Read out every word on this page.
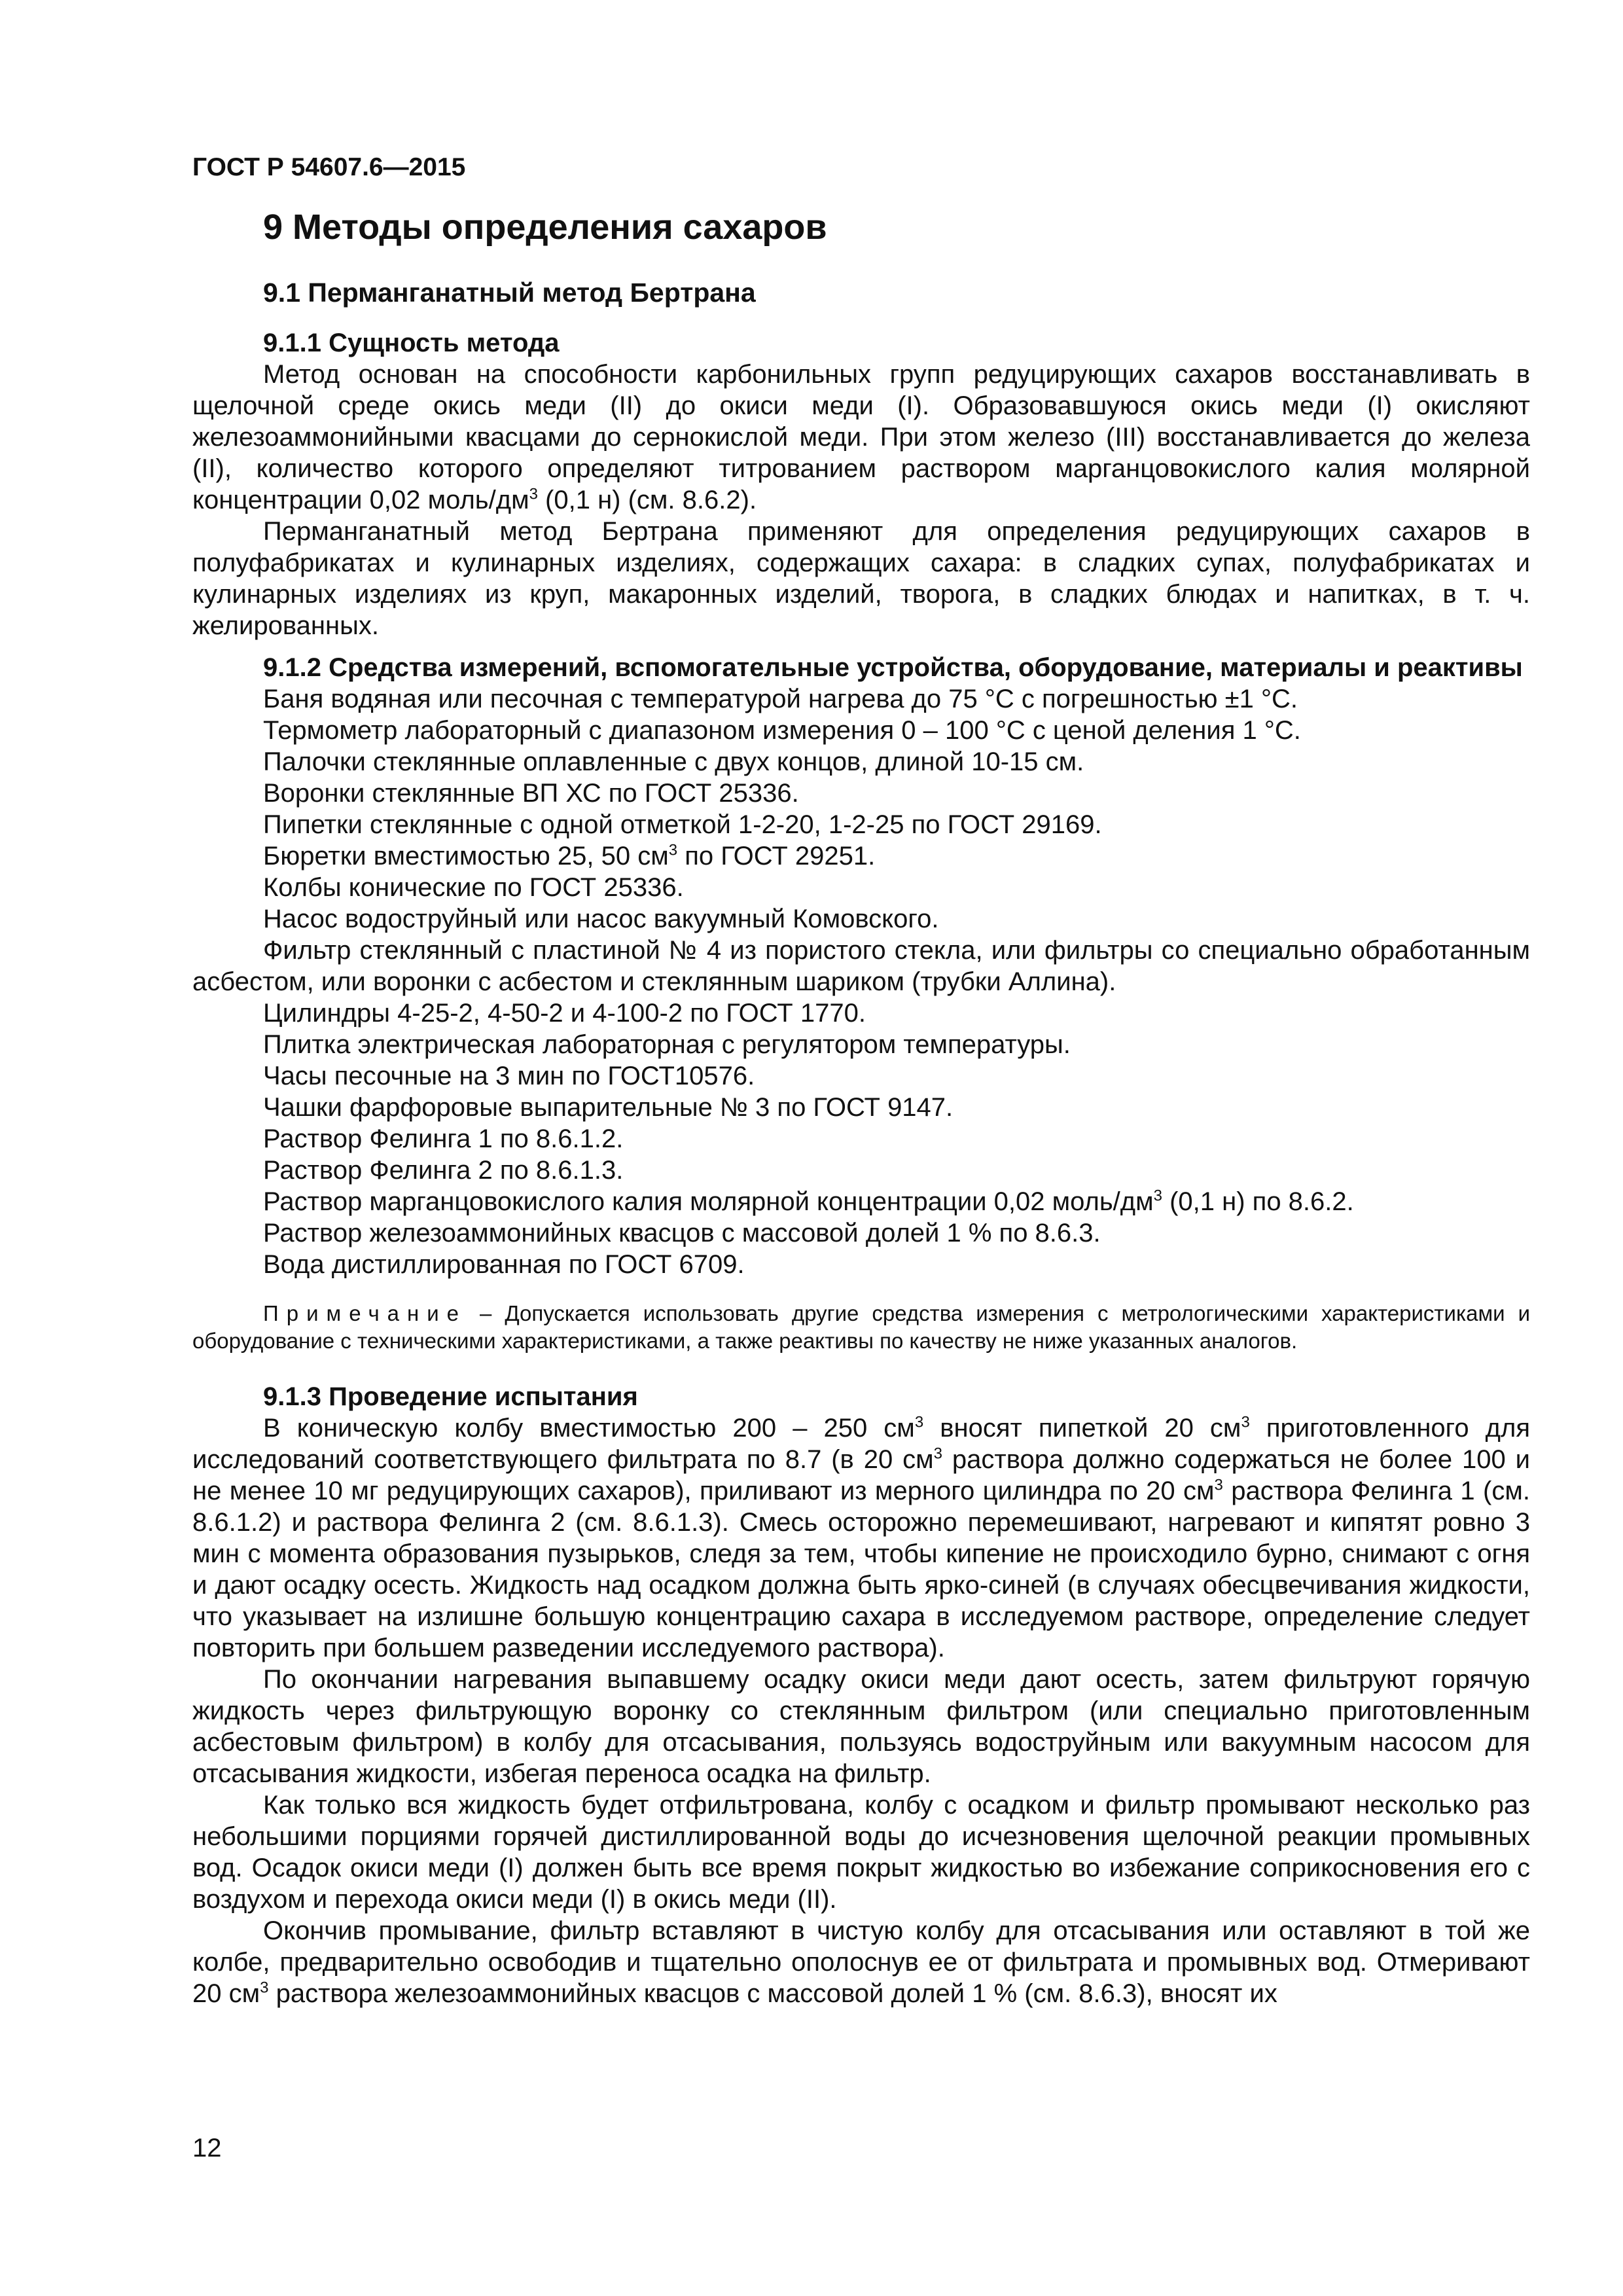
ГОСТ Р 54607.6—2015
9 Методы определения сахаров
9.1 Перманганатный метод Бертрана
9.1.1 Сущность метода

Метод основан на способности карбонильных групп редуцирующих сахаров восстанавливать в щелочной среде окись меди (II) до окиси меди (I). Образовавшуюся окись меди (I) окисляют железоаммонийными квасцами до сернокислой меди. При этом железо (III) восстанавливается до железа (II), количество которого определяют титрованием раствором марганцовокислого калия молярной концентрации 0,02 моль/$дм^3$ (0,1 н) (см. 8.6.2).

Перманганатный метод Бертрана применяют для определения редуцирующих сахаров в полуфабрикатах и кулинарных изделиях, содержащих сахара: в сладких супах, полуфабрикатах и кулинарных изделиях из круп, макаронных изделий, творога, в сладких блюдах и напитках, в т. ч. желированных.

9.1.2 Средства измерений, вспомогательные устройства, оборудование, материалы и реактивы

Баня водяная или песочная с температурой нагрева до 75 °С с погрешностью ±1 °С.

Термометр лабораторный с диапазоном измерения 0 – 100 °С с ценой деления 1 °С.

Палочки стеклянные оплавленные с двух концов, длиной 10-15 см.

Воронки стеклянные ВП ХС по ГОСТ 25336.

Пипетки стеклянные с одной отметкой 1-2-20, 1-2-25 по ГОСТ 29169.

Бюретки вместимостью 25, 50 $см^3$ по ГОСТ 29251.

Колбы конические по ГОСТ 25336.

Насос водоструйный или насос вакуумный Комовского.

Фильтр стеклянный с пластиной № 4 из пористого стекла, или фильтры со специально обработанным асбестом, или воронки с асбестом и стеклянным шариком (трубки Аллина).

Цилиндры 4-25-2, 4-50-2 и 4-100-2 по ГОСТ 1770.

Плитка электрическая лабораторная с регулятором температуры.

Часы песочные на 3 мин по ГОСТ10576.

Чашки фарфоровые выпарительные № 3 по ГОСТ 9147.

Раствор Фелинга 1 по 8.6.1.2.

Раствор Фелинга 2 по 8.6.1.3.

Раствор марганцовокислого калия молярной концентрации 0,02 моль/$дм^3$ (0,1 н) по 8.6.2.

Раствор железоаммонийных квасцов с массовой долей 1 % по 8.6.3.

Вода дистиллированная по ГОСТ 6709.

Примечание – Допускается использовать другие средства измерения с метрологическими характеристиками и оборудование с техническими характеристиками, а также реактивы по качеству не ниже указанных аналогов.

9.1.3 Проведение испытания

В коническую колбу вместимостью 200 – 250 $см^3$ вносят пипеткой 20 $см^3$ приготовленного для исследований соответствующего фильтрата по 8.7 (в 20 $см^3$ раствора должно содержаться не более 100 и не менее 10 мг редуцирующих сахаров), приливают из мерного цилиндра по 20 $см^3$ раствора Фелинга 1 (см. 8.6.1.2) и раствора Фелинга 2 (см. 8.6.1.3). Смесь осторожно перемешивают, нагревают и кипятят ровно 3 мин с момента образования пузырьков, следя за тем, чтобы кипение не происходило бурно, снимают с огня и дают осадку осесть. Жидкость над осадком должна быть ярко-синей (в случаях обесцвечивания жидкости, что указывает на излишне большую концентрацию сахара в исследуемом растворе, определение следует повторить при большем разведении исследуемого раствора).

По окончании нагревания выпавшему осадку окиси меди дают осесть, затем фильтруют горячую жидкость через фильтрующую воронку со стеклянным фильтром (или специально приготовленным асбестовым фильтром) в колбу для отсасывания, пользуясь водоструйным или вакуумным насосом для отсасывания жидкости, избегая переноса осадка на фильтр.

Как только вся жидкость будет отфильтрована, колбу с осадком и фильтр промывают несколько раз небольшими порциями горячей дистиллированной воды до исчезновения щелочной реакции промывных вод. Осадок окиси меди (I) должен быть все время покрыт жидкостью во избежание соприкосновения его с воздухом и перехода окиси меди (I) в окись меди (II).

Окончив промывание, фильтр вставляют в чистую колбу для отсасывания или оставляют в той же колбе, предварительно освободив и тщательно ополоснув ее от фильтрата и промывных вод. Отмеривают 20 $см^3$ раствора железоаммонийных квасцов с массовой долей 1 % (см. 8.6.3), вносят их

12
